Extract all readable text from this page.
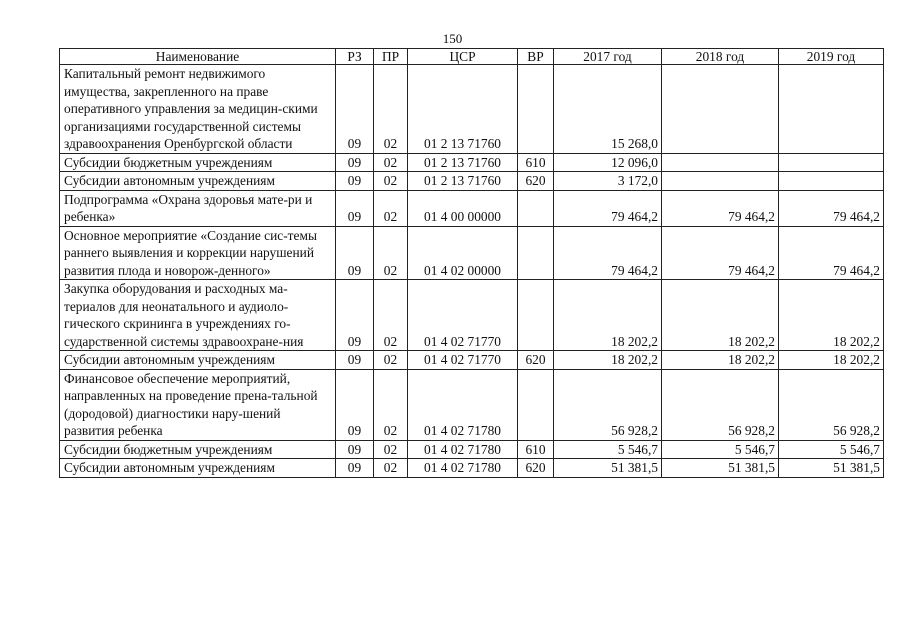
150
Наименование	РЗ	ПР	ЦСР	ВР	2017 год	2018 год	2019 год

Капитальный ремонт недвижимого имущества, закрепленного на праве оперативного управления за медицин-скими организациями государственной системы здравоохранения Оренбургской области	09	02	01 2 13 71760		15 268,0		

Субсидии бюджетным учреждениям	09	02	01 2 13 71760	610	12 096,0		

Субсидии автономным учреждениям	09	02	01 2 13 71760	620	3 172,0		

Подпрограмма «Охрана здоровья мате-ри и ребенка»	09	02	01 4 00 00000		79 464,2	79 464,2	79 464,2

Основное мероприятие «Создание сис-темы раннего выявления и коррекции нарушений развития плода и новорож-денного»	09	02	01 4 02 00000		79 464,2	79 464,2	79 464,2

Закупка оборудования и расходных ма-териалов для неонатального и аудиоло-гического скрининга в учреждениях го-сударственной системы здравоохране-ния	09	02	01 4 02 71770		18 202,2	18 202,2	18 202,2

Субсидии автономным учреждениям	09	02	01 4 02 71770	620	18 202,2	18 202,2	18 202,2

Финансовое обеспечение мероприятий, направленных на проведение прена-тальной (дородовой) диагностики нару-шений развития ребенка	09	02	01 4 02 71780		56 928,2	56 928,2	56 928,2

Субсидии бюджетным учреждениям	09	02	01 4 02 71780	610	5 546,7	5 546,7	5 546,7

Субсидии автономным учреждениям	09	02	01 4 02 71780	620	51 381,5	51 381,5	51 381,5
